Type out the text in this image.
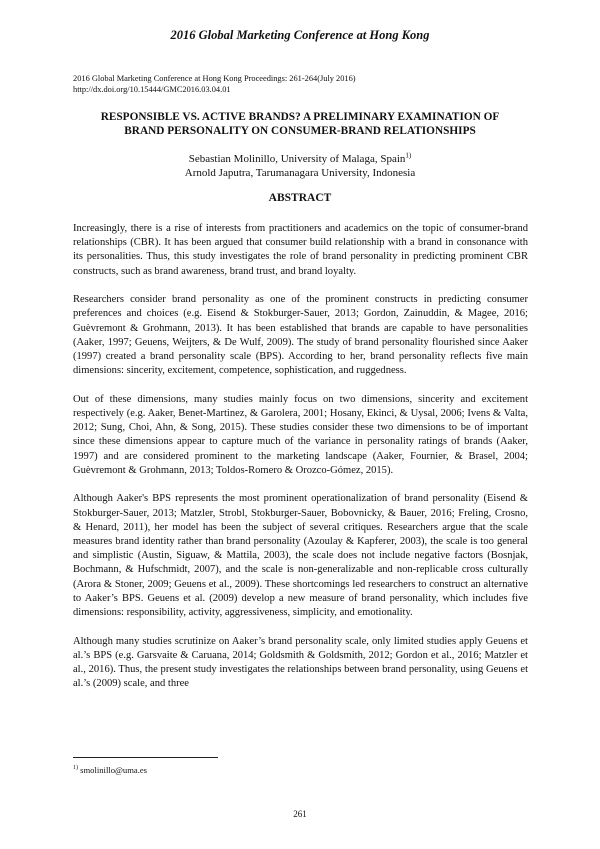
2016 Global Marketing Conference at Hong Kong
2016 Global Marketing Conference at Hong Kong Proceedings: 261-264(July 2016)
http://dx.doi.org/10.15444/GMC2016.03.04.01
RESPONSIBLE VS. ACTIVE BRANDS? A PRELIMINARY EXAMINATION OF
BRAND PERSONALITY ON CONSUMER-BRAND RELATIONSHIPS
Sebastian Molinillo, University of Malaga, Spain$^{1)}$
Arnold Japutra, Tarumanagara University, Indonesia
ABSTRACT

Increasingly, there is a rise of interests from practitioners and academics on the topic of consumer-brand relationships (CBR). It has been argued that consumer build relationship with a brand in consonance with its personalities. Thus, this study investigates the role of brand personality in predicting prominent CBR constructs, such as brand awareness, brand trust, and brand loyalty.

Researchers consider brand personality as one of the prominent constructs in predicting consumer preferences and choices (e.g. Eisend & Stokburger-Sauer, 2013; Gordon, Zainuddin, & Magee, 2016; Guèvremont & Grohmann, 2013). It has been established that brands are capable to have personalities (Aaker, 1997; Geuens, Weijters, & De Wulf, 2009). The study of brand personality flourished since Aaker (1997) created a brand personality scale (BPS). According to her, brand personality reflects five main dimensions: sincerity, excitement, competence, sophistication, and ruggedness.

Out of these dimensions, many studies mainly focus on two dimensions, sincerity and excitement respectively (e.g. Aaker, Benet-Martinez, & Garolera, 2001; Hosany, Ekinci, & Uysal, 2006; Ivens & Valta, 2012; Sung, Choi, Ahn, & Song, 2015). These studies consider these two dimensions to be of important since these dimensions appear to capture much of the variance in personality ratings of brands (Aaker, 1997) and are considered prominent to the marketing landscape (Aaker, Fournier, & Brasel, 2004; Guèvremont & Grohmann, 2013; Toldos-Romero & Orozco-Gómez, 2015).

Although Aaker's BPS represents the most prominent operationalization of brand personality (Eisend & Stokburger-Sauer, 2013; Matzler, Strobl, Stokburger-Sauer, Bobovnicky, & Bauer, 2016; Freling, Crosno, & Henard, 2011), her model has been the subject of several critiques. Researchers argue that the scale measures brand identity rather than brand personality (Azoulay & Kapferer, 2003), the scale is too general and simplistic (Austin, Siguaw, & Mattila, 2003), the scale does not include negative factors (Bosnjak, Bochmann, & Hufschmidt, 2007), and the scale is non-generalizable and non-replicable cross culturally (Arora & Stoner, 2009; Geuens et al., 2009). These shortcomings led researchers to construct an alternative to Aaker’s BPS. Geuens et al. (2009) develop a new measure of brand personality, which includes five dimensions: responsibility, activity, aggressiveness, simplicity, and emotionality.

Although many studies scrutinize on Aaker’s brand personality scale, only limited studies apply Geuens et al.’s BPS (e.g. Garsvaite & Caruana, 2014; Goldsmith & Goldsmith, 2012; Gordon et al., 2016; Matzler et al., 2016). Thus, the present study investigates the relationships between brand personality, using Geuens et al.’s (2009) scale, and three

$^{1)}$ smolinillo@uma.es
261
